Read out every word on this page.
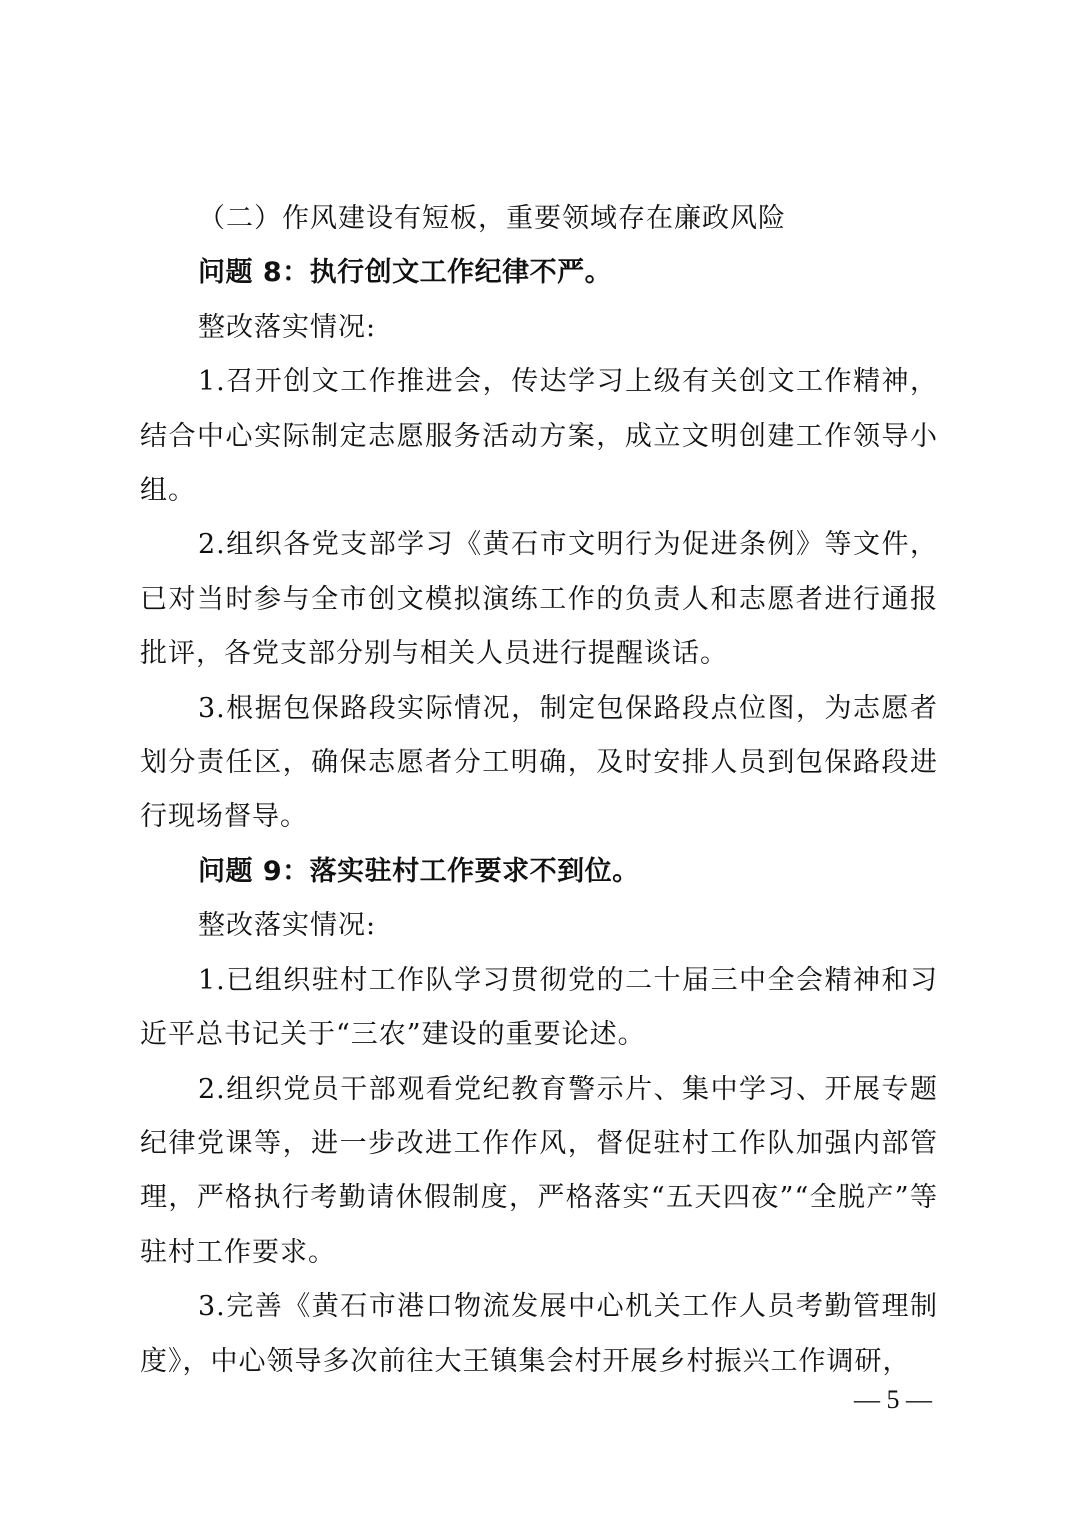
（二）作风建设有短板，重要领域存在廉政风险

问题 8：执行创文工作纪律不严。

整改落实情况:

1.召开创文工作推进会，传达学习上级有关创文工作精神，结合中心实际制定志愿服务活动方案，成立文明创建工作领导小组。

2.组织各党支部学习《黄石市文明行为促进条例》等文件，已对当时参与全市创文模拟演练工作的负责人和志愿者进行通报批评，各党支部分别与相关人员进行提醒谈话。

3.根据包保路段实际情况，制定包保路段点位图，为志愿者划分责任区，确保志愿者分工明确，及时安排人员到包保路段进行现场督导。

问题 9：落实驻村工作要求不到位。

整改落实情况:

1.已组织驻村工作队学习贯彻党的二十届三中全会精神和习近平总书记关于“三农”建设的重要论述。

2.组织党员干部观看党纪教育警示片、集中学习、开展专题纪律党课等，进一步改进工作作风，督促驻村工作队加强内部管理，严格执行考勤请休假制度，严格落实“五天四夜”“全脱产”等驻村工作要求。

3.完善《黄石市港口物流发展中心机关工作人员考勤管理制度》，中心领导多次前往大王镇集会村开展乡村振兴工作调研，

— 5 —
